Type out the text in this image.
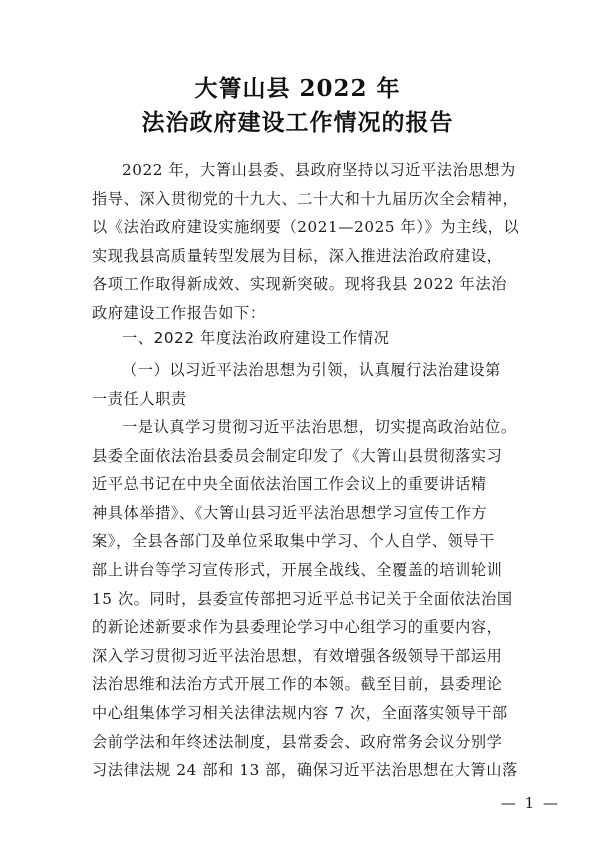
大箐山县 2022 年
法治政府建设工作情况的报告
2022 年，大箐山县委、县政府坚持以习近平法治思想为
指导、深入贯彻党的十九大、二十大和十九届历次全会精神，
以《法治政府建设实施纲要（2021—2025 年）》为主线，以
实现我县高质量转型发展为目标，深入推进法治政府建设，
各项工作取得新成效、实现新突破。现将我县 2022 年法治
政府建设工作报告如下：
一、2022 年度法治政府建设工作情况
（一）以习近平法治思想为引领，认真履行法治建设第
一责任人职责
一是认真学习贯彻习近平法治思想，切实提高政治站位。
县委全面依法治县委员会制定印发了《大箐山县贯彻落实习
近平总书记在中央全面依法治国工作会议上的重要讲话精
神具体举措》、《大箐山县习近平法治思想学习宣传工作方
案》，全县各部门及单位采取集中学习、个人自学、领导干
部上讲台等学习宣传形式，开展全战线、全覆盖的培训轮训
15 次。同时，县委宣传部把习近平总书记关于全面依法治国
的新论述新要求作为县委理论学习中心组学习的重要内容，
深入学习贯彻习近平法治思想，有效增强各级领导干部运用
法治思维和法治方式开展工作的本领。截至目前，县委理论
中心组集体学习相关法律法规内容 7 次，全面落实领导干部
会前学法和年终述法制度，县常委会、政府常务会议分别学
习法律法规 24 部和 13 部，确保习近平法治思想在大箐山落
— 1 —
